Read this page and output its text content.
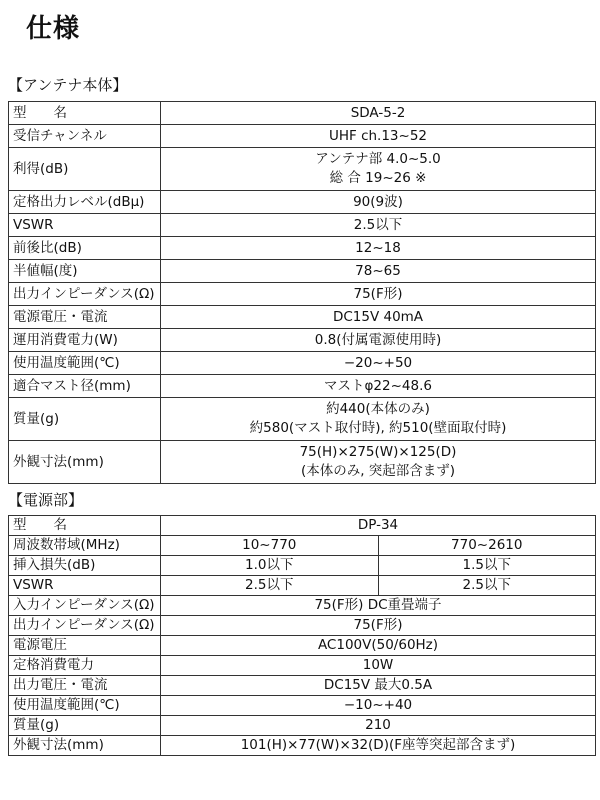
仕様
【アンテナ本体】
型　　名	SDA-5-2

受信チャンネル	UHF ch.13~52

利得(dB)	アンテナ部 4.0~5.0
総 合 19~26 ※

定格出力レベル(dBμ)	90(9波)

VSWR	2.5以下

前後比(dB)	12~18

半値幅(度)	78~65

出力インピーダンス(Ω)	75(F形)

電源電圧・電流	DC15V 40mA

運用消費電力(W)	0.8(付属電源使用時)

使用温度範囲(℃)	−20~+50

適合マスト径(mm)	マストφ22~48.6

質量(g)	約440(本体のみ)
約580(マスト取付時), 約510(壁面取付時)

外観寸法(mm)	75(H)×275(W)×125(D)
(本体のみ, 突起部含まず)
【電源部】
型　　名	DP-34	
周波数帯域(MHz)	10~770	770~2610
挿入損失(dB)	1.0以下	1.5以下
VSWR	2.5以下	2.5以下
入力インピーダンス(Ω)	75(F形) DC重畳端子	
出力インピーダンス(Ω)	75(F形)	
電源電圧	AC100V(50/60Hz)	
定格消費電力	10W	
出力電圧・電流	DC15V 最大0.5A	
使用温度範囲(℃)	−10~+40	
質量(g)	210	
外観寸法(mm)	101(H)×77(W)×32(D)(F座等突起部含まず)	
